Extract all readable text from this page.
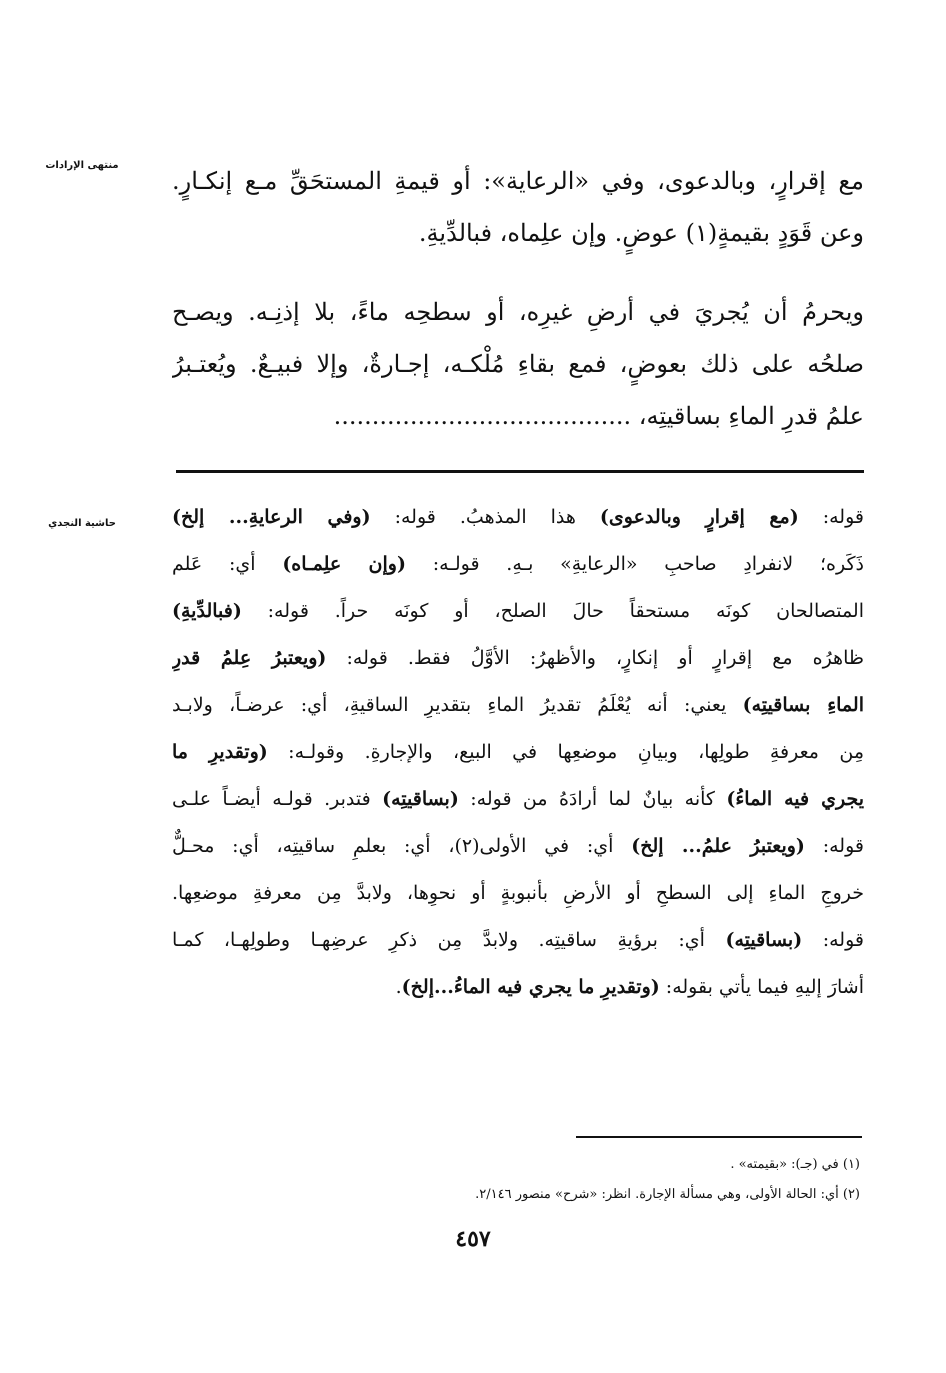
منتهى الإرادات
حاشية النجدي
مع إقرارٍ، وبالدعوى، وفي «الرعاية»: أو قيمةِ المستحَقِّ مـع إنكـارٍ.
وعن قَوَدٍ بقيمةٍ(١) عوضٍ. وإن علِماه، فبالدِّيةِ.
ويحرمُ أن يُجريَ في أرضِ غيرِه، أو سطحِه ماءً، بلا إذنِـه. ويصـح
صلحُه على ذلك بعوضٍ، فمع بقاءِ مُلْكـه، إجـارةٌ، وإلا فبيـعٌ. ويُعتـبرُ
علمُ قدرِ الماءِ بساقيتِه، .......................................
قوله: (مع إقرارٍ وبالدعوى) هذا المذهبُ. قوله: (وفي الرعايةِ... إلخ)
ذَكَره؛ لانفرادِ صاحبِ «الرعايةِ» بـهِ. قولـه: (وإن علِمـاه) أي: عَلم
المتصالحان كونَه مستحقاً حالَ الصلح، أو كونَه حراً. قوله: (فبالدِّيةِ)
ظاهرُه مع إقرارٍ أو إنكارٍ، والأظهرُ: الأوَّلُ فقط. قوله: (ويعتبرُ عِلمُ قدرِ
الماءِ بساقيتِه) يعني: أنه يُعْلَمُ تقديرُ الماءِ بتقديرِ الساقيةِ، أي: عرضـاً، ولابـد
مِن معرفةِ طولِها، وبيانِ موضعِها في البيع، والإجارةِ. وقولـه: (وتقديرِ ما
يجري فيه الماءُ) كأنه بيانٌ لما أرادَهُ من قوله: (بساقيتِه) فتدبر. قولـه أيضـاً علـى
قوله: (ويعتبرُ علمُ... إلخ) أي: في الأولى(٢)، أي: بعلمِ ساقيتِه، أي: محـلٌّ
خروجِ الماءِ إلى السطحِ أو الأرضِ بأنبوبةٍ أو نحوِها، ولابدَّ مِن معرفةِ موضعِها.
قوله: (بساقيتِه) أي: برؤيةِ ساقيتِه. ولابدَّ مِن ذكرِ عرضِهـا وطولِهـا، كمـا
أشارَ إليهِ فيما يأتي بقوله: (وتقديرِ ما يجري فيه الماءُ...إلخ).
(١) في (جـ): «بقيمته» .
(٢) أي: الحالة الأولى، وهي مسألة الإجارة. انظر: «شرح» منصور ٢/١٤٦.
٤٥٧
